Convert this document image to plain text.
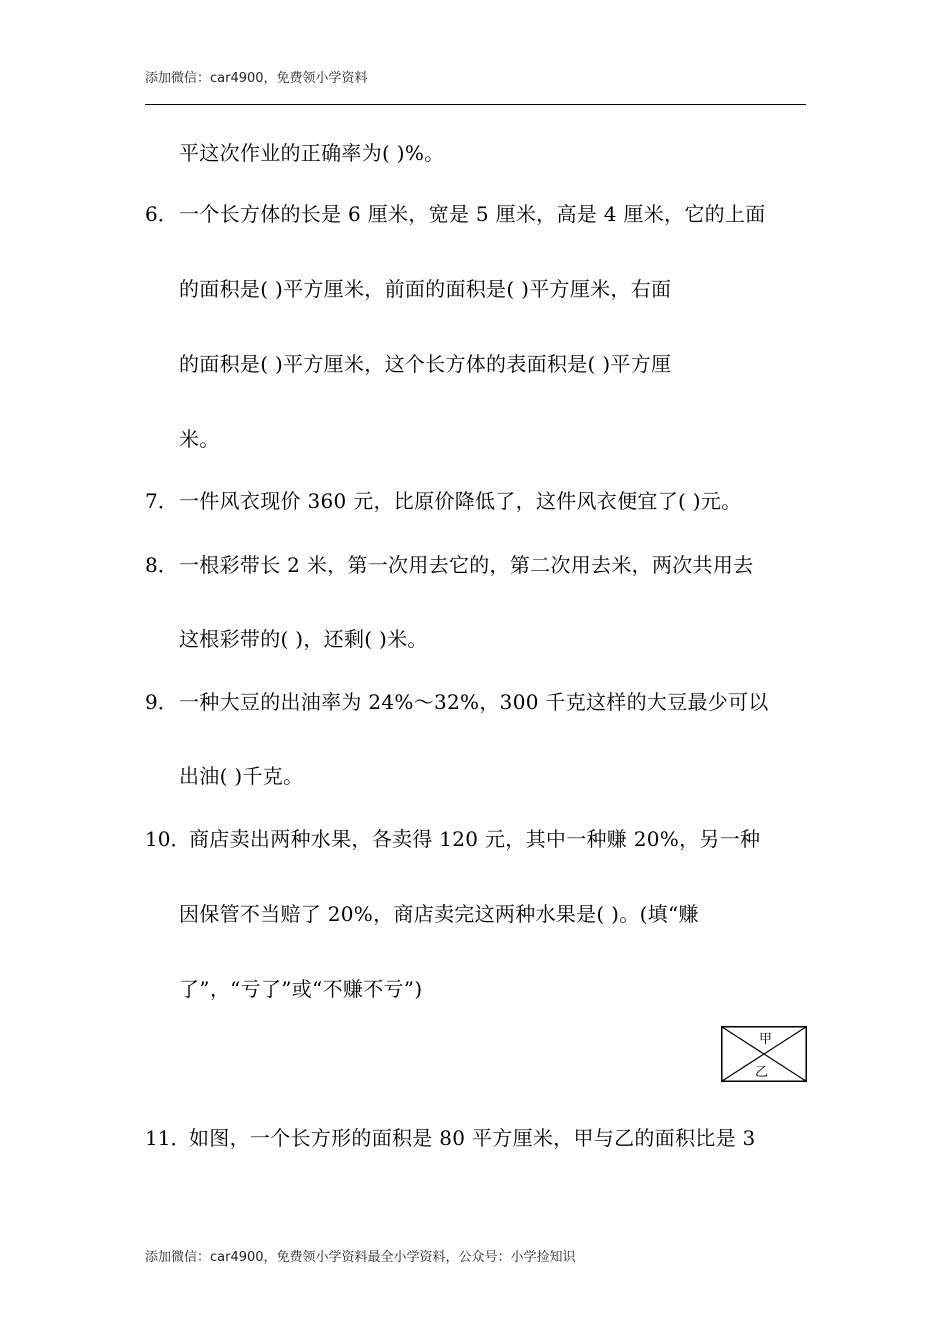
添加微信：car4900，免费领小学资料
平这次作业的正确率为( )%。
6． 一个长方体的长是 6 厘米，宽是 5 厘米，高是 4 厘米，它的上面
的面积是( )平方厘米，前面的面积是( )平方厘米，右面
的面积是( )平方厘米，这个长方体的表面积是( )平方厘
米。
7． 一件风衣现价 360 元，比原价降低了，这件风衣便宜了( )元。
8． 一根彩带长 2 米，第一次用去它的，第二次用去米，两次共用去
这根彩带的( )，还剩( )米。
9． 一种大豆的出油率为 24%～32%，300 千克这样的大豆最少可以
出油( )千克。
10．
商店卖出两种水果，各卖得 120 元，其中一种赚 20%，另一种
因保管不当赔了 20%，商店卖完这两种水果是( )。(填“赚
了”，“亏了”或“不赚不亏”)
甲
乙
11．
如图，一个长方形的面积是 80 平方厘米，甲与乙的面积比是 3
添加微信：car4900，免费领小学资料最全小学资料，公众号：小学捡知识
